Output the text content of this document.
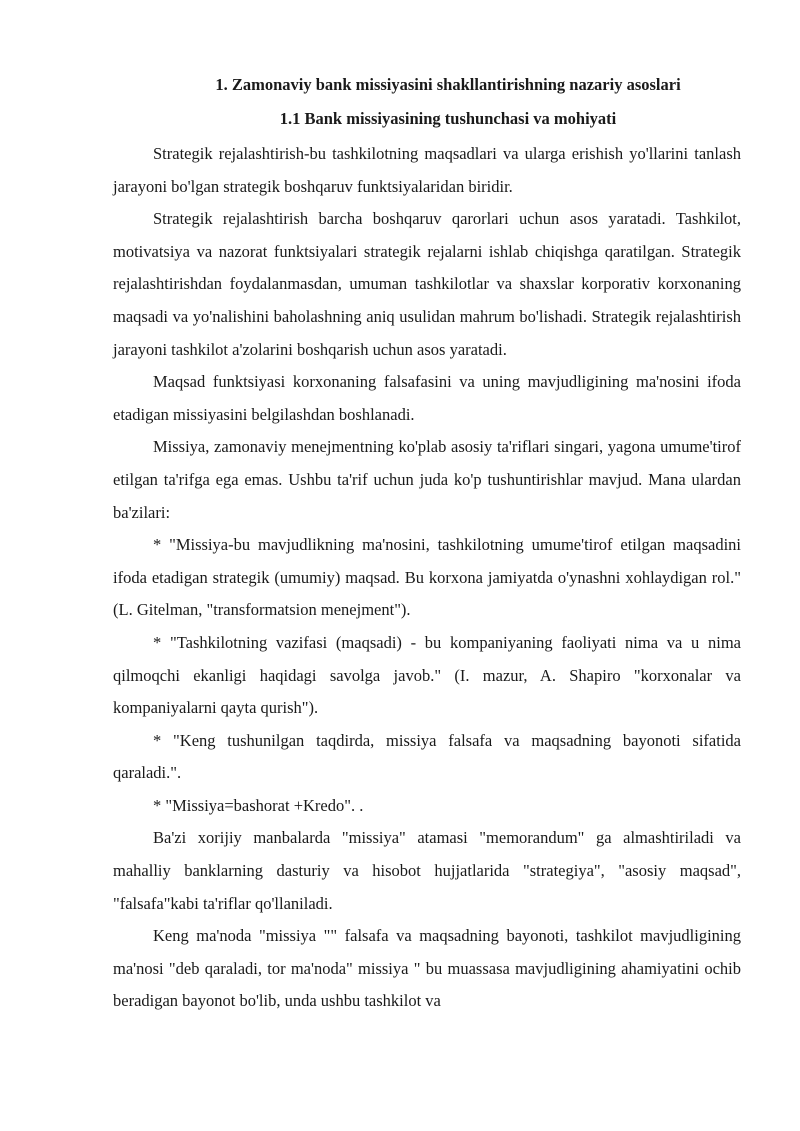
1. Zamonaviy bank missiyasini shakllantirishning nazariy asoslari
1.1 Bank missiyasining tushunchasi va mohiyati

Strategik rejalashtirish-bu tashkilotning maqsadlari va ularga erishish yo'llarini tanlash jarayoni bo'lgan strategik boshqaruv funktsiyalaridan biridir.

Strategik rejalashtirish barcha boshqaruv qarorlari uchun asos yaratadi. Tashkilot, motivatsiya va nazorat funktsiyalari strategik rejalarni ishlab chiqishga qaratilgan. Strategik rejalashtirishdan foydalanmasdan, umuman tashkilotlar va shaxslar korporativ korxonaning maqsadi va yo'nalishini baholashning aniq usulidan mahrum bo'lishadi. Strategik rejalashtirish jarayoni tashkilot a'zolarini boshqarish uchun asos yaratadi.

Maqsad funktsiyasi korxonaning falsafasini va uning mavjudligining ma'nosini ifoda etadigan missiyasini belgilashdan boshlanadi.

Missiya, zamonaviy menejmentning ko'plab asosiy ta'riflari singari, yagona umume'tirof etilgan ta'rifga ega emas. Ushbu ta'rif uchun juda ko'p tushuntirishlar mavjud. Mana ulardan ba'zilari:

* "Missiya-bu mavjudlikning ma'nosini, tashkilotning umume'tirof etilgan maqsadini ifoda etadigan strategik (umumiy) maqsad. Bu korxona jamiyatda o'ynashni xohlaydigan rol." (L. Gitelman, "transformatsion menejment").

* "Tashkilotning vazifasi (maqsadi) - bu kompaniyaning faoliyati nima va u nima qilmoqchi ekanligi haqidagi savolga javob." (I. mazur, A. Shapiro "korxonalar va kompaniyalarni qayta qurish").

* "Keng tushunilgan taqdirda, missiya falsafa va maqsadning bayonoti sifatida qaraladi.".

* "Missiya=bashorat +Kredo". .

Ba'zi xorijiy manbalarda "missiya" atamasi "memorandum" ga almashtiriladi va mahalliy banklarning dasturiy va hisobot hujjatlarida "strategiya", "asosiy maqsad", "falsafa"kabi ta'riflar qo'llaniladi.

Keng ma'noda "missiya "" falsafa va maqsadning bayonoti, tashkilot mavjudligining ma'nosi "deb qaraladi, tor ma'noda" missiya " bu muassasa mavjudligining ahamiyatini ochib beradigan bayonot bo'lib, unda ushbu tashkilot va
